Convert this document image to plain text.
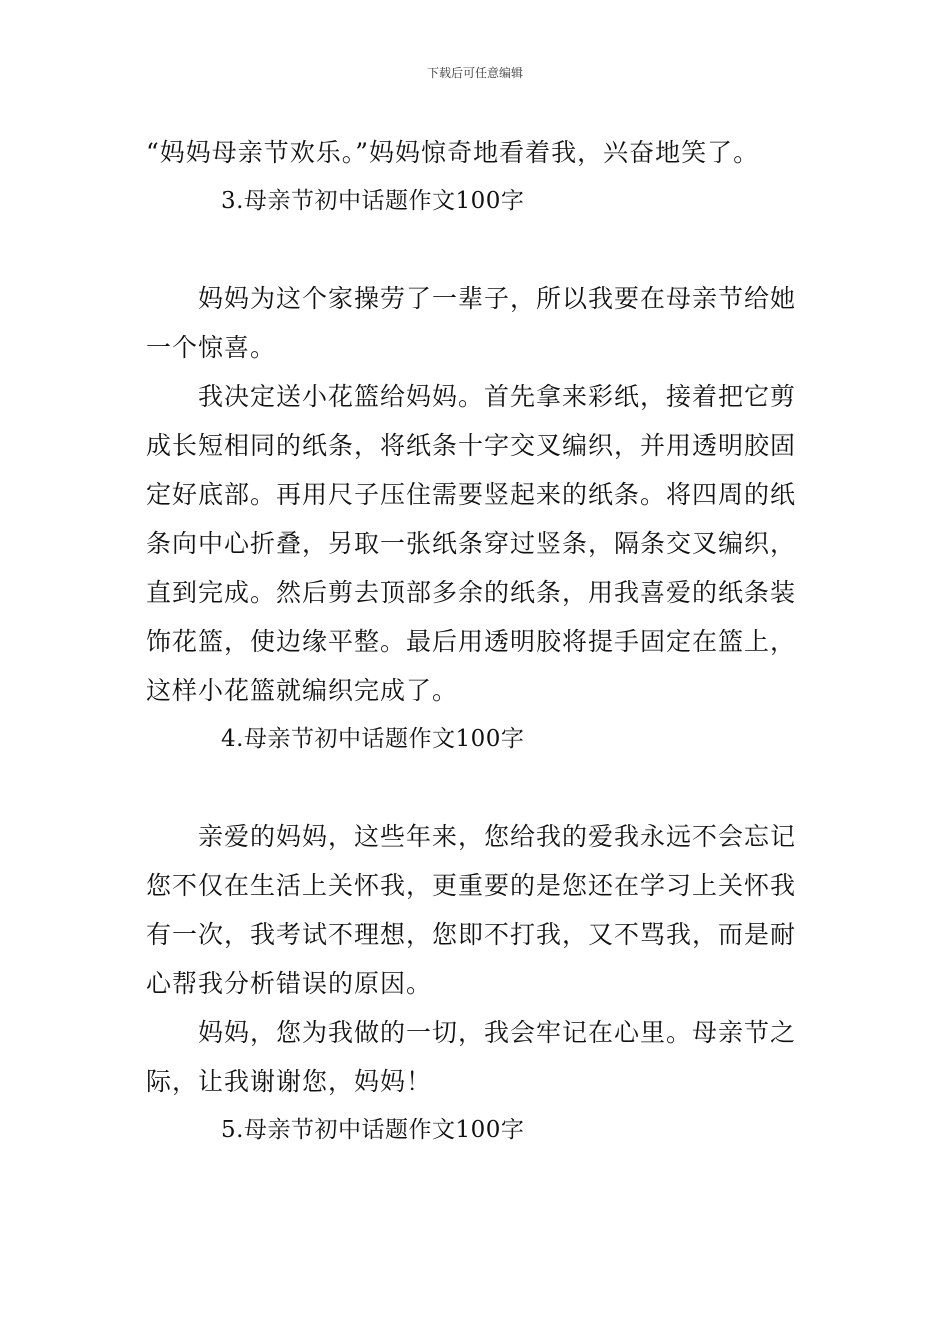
下载后可任意编辑
“妈妈母亲节欢乐。”妈妈惊奇地看着我，兴奋地笑了。
3.母亲节初中话题作文100字
妈妈为这个家操劳了一辈子，所以我要在母亲节给她
一个惊喜。
我决定送小花篮给妈妈。首先拿来彩纸，接着把它剪
成长短相同的纸条，将纸条十字交叉编织，并用透明胶固
定好底部。再用尺子压住需要竖起来的纸条。将四周的纸
条向中心折叠，另取一张纸条穿过竖条，隔条交叉编织，
直到完成。然后剪去顶部多余的纸条，用我喜爱的纸条装
饰花篮，使边缘平整。最后用透明胶将提手固定在篮上，
这样小花篮就编织完成了。
4.母亲节初中话题作文100字
亲爱的妈妈，这些年来，您给我的爱我永远不会忘记
您不仅在生活上关怀我，更重要的是您还在学习上关怀我
有一次，我考试不理想，您即不打我，又不骂我，而是耐
心帮我分析错误的原因。
妈妈，您为我做的一切，我会牢记在心里。母亲节之
际，让我谢谢您，妈妈！
5.母亲节初中话题作文100字
